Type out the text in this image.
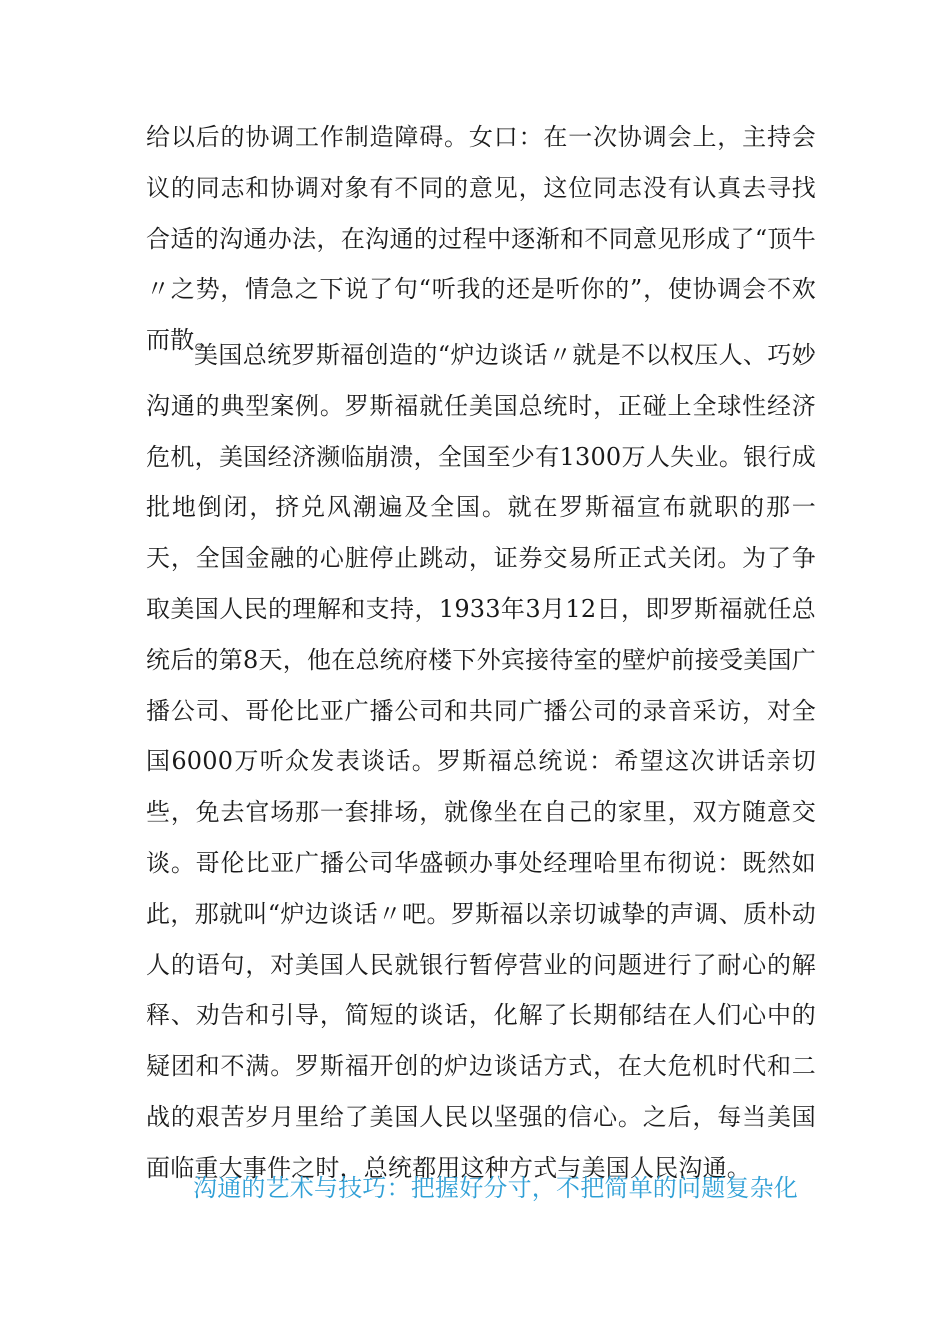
给以后的协调工作制造障碍。女口：在一次协调会上，主持会议的同志和协调对象有不同的意见，这位同志没有认真去寻找合适的沟通办法，在沟通的过程中逐渐和不同意见形成了“顶牛〃之势，情急之下说了句“听我的还是听你的”，使协调会不欢而散。

美国总统罗斯福创造的“炉边谈话〃就是不以权压人、巧妙沟通的典型案例。罗斯福就任美国总统时，正碰上全球性经济危机，美国经济濒临崩溃，全国至少有1300万人失业。银行成批地倒闭，挤兑风潮遍及全国。就在罗斯福宣布就职的那一天，全国金融的心脏停止跳动，证券交易所正式关闭。为了争取美国人民的理解和支持，1933年3月12日，即罗斯福就任总统后的第8天，他在总统府楼下外宾接待室的壁炉前接受美国广播公司、哥伦比亚广播公司和共同广播公司的录音采访，对全国6000万听众发表谈话。罗斯福总统说：希望这次讲话亲切些，免去官场那一套排场，就像坐在自己的家里，双方随意交谈。哥伦比亚广播公司华盛顿办事处经理哈里布彻说：既然如此，那就叫“炉边谈话〃吧。罗斯福以亲切诚挚的声调、质朴动人的语句，对美国人民就银行暂停营业的问题进行了耐心的解释、劝告和引导，简短的谈话，化解了长期郁结在人们心中的疑团和不满。罗斯福开创的炉边谈话方式，在大危机时代和二战的艰苦岁月里给了美国人民以坚强的信心。之后，每当美国面临重大事件之时，总统都用这种方式与美国人民沟通。

沟通的艺术与技巧：把握好分寸，不把简单的问题复杂化
